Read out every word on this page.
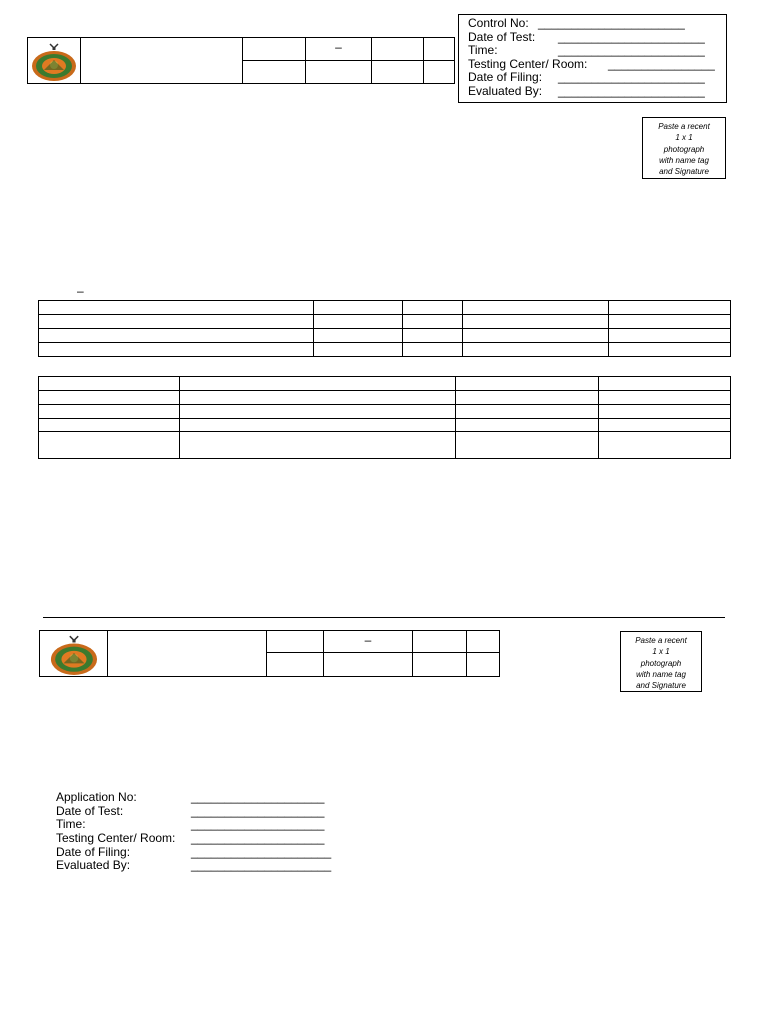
			–		

Control No: ______________________
Date of Test: ______________________
Time:	______________________
Testing Center/ Room: ________________
Date of Filing: ______________________
Evaluated By: ______________________
Paste a recent
1 x 1
photograph
with name tag
and Signature
–

			–		
				Paste a recent
1 x 1
photograph
with name tag
and Signature
Application No:	____________________
Date of Test:	____________________
Time:	____________________
Testing Center/ Room: ____________________
Date of Filing:	_____________________
Evaluated By:	_____________________
